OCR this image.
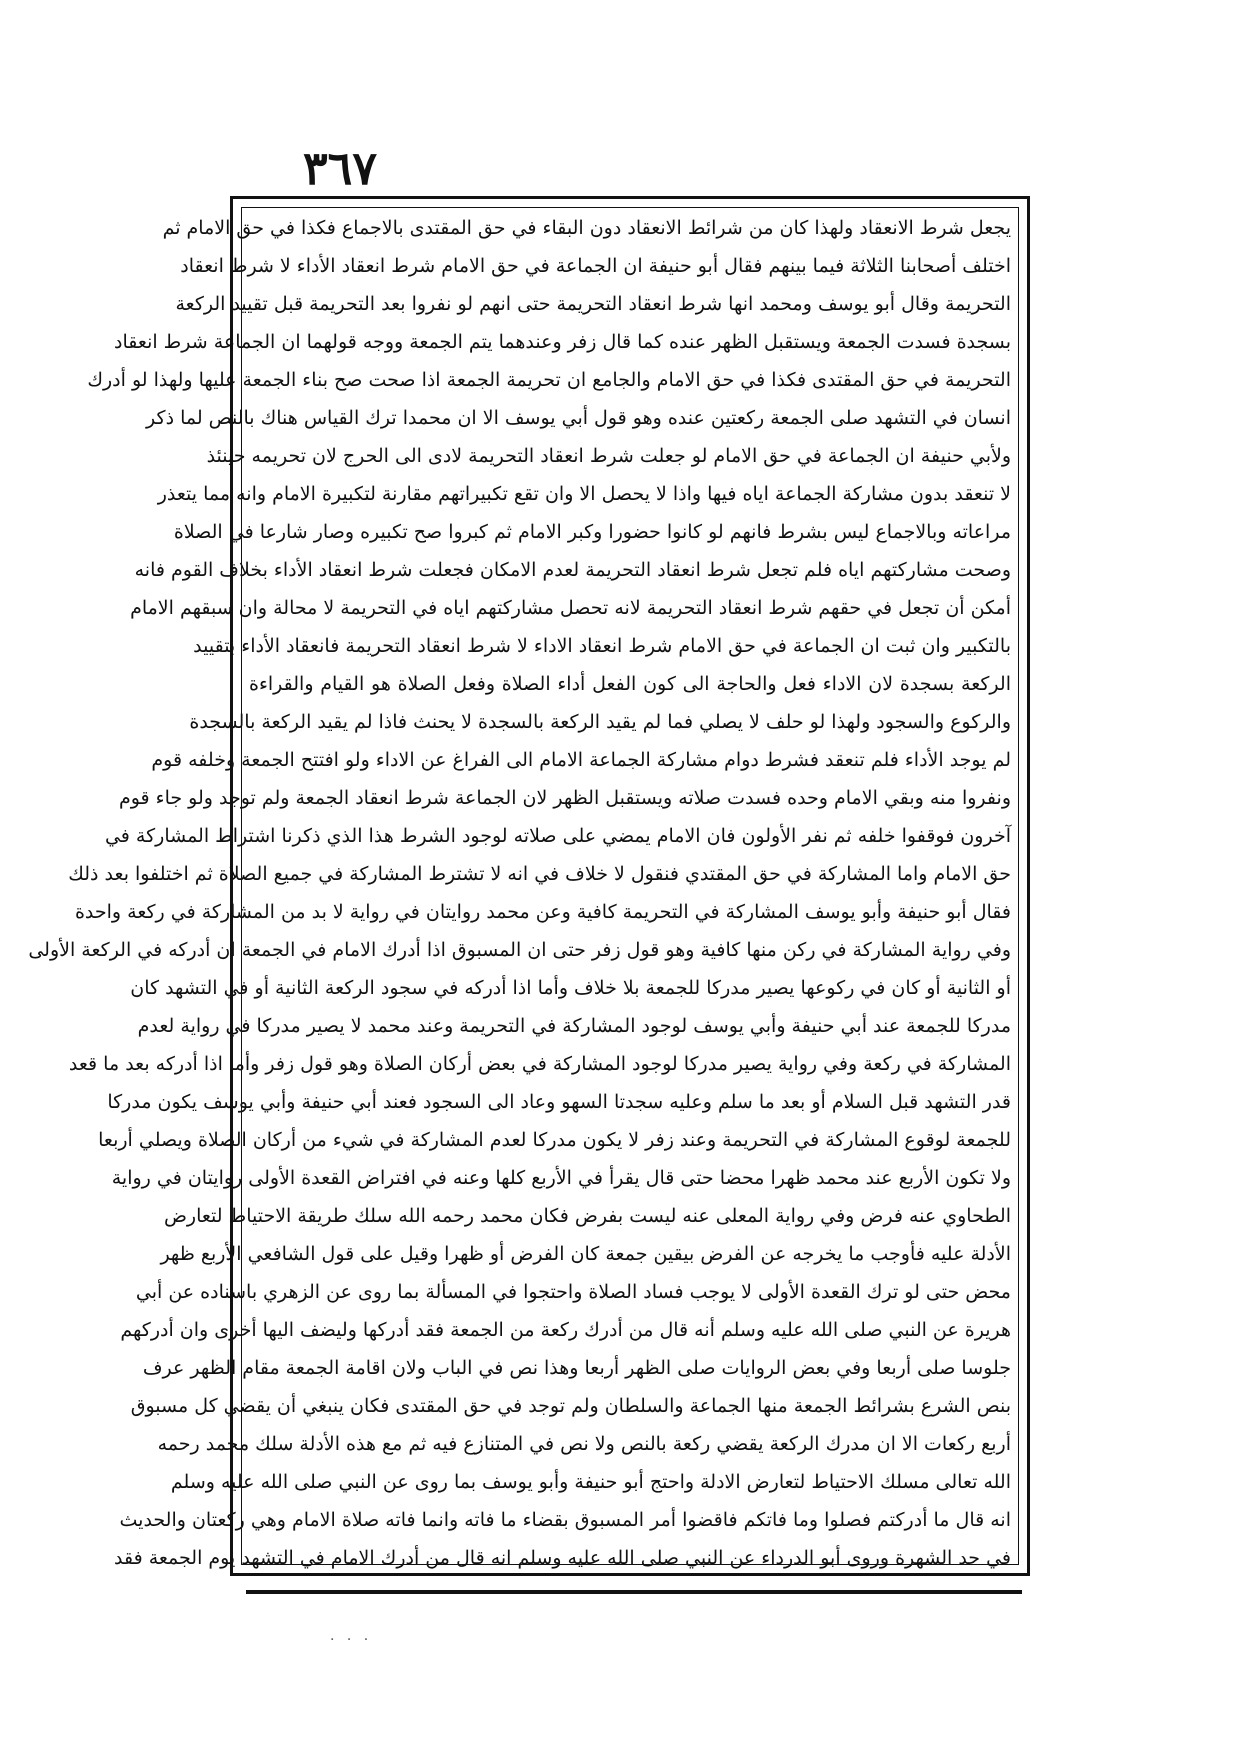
٣٦٧
يجعل شرط الانعقاد ولهذا كان من شرائط الانعقاد دون البقاء في حق المقتدى بالاجماع فكذا في حق الامام ثم
اختلف أصحابنا الثلاثة فيما بينهم فقال أبو حنيفة ان الجماعة في حق الامام شرط انعقاد الأداء لا شرط انعقاد
التحريمة وقال أبو يوسف ومحمد انها شرط انعقاد التحريمة حتى انهم لو نفروا بعد التحريمة قبل تقييد الركعة
بسجدة فسدت الجمعة ويستقبل الظهر عنده كما قال زفر وعندهما يتم الجمعة ووجه قولهما ان الجماعة شرط انعقاد
التحريمة في حق المقتدى فكذا في حق الامام والجامع ان تحريمة الجمعة اذا صحت صح بناء الجمعة عليها ولهذا لو أدرك
انسان في التشهد صلى الجمعة ركعتين عنده وهو قول أبي يوسف الا ان محمدا ترك القياس هناك بالنص لما ذكر
ولأبي حنيفة ان الجماعة في حق الامام لو جعلت شرط انعقاد التحريمة لادى الى الحرج لان تحريمه حينئذ
لا تنعقد بدون مشاركة الجماعة اياه فيها واذا لا يحصل الا وان تقع تكبيراتهم مقارنة لتكبيرة الامام وانه مما يتعذر
مراعاته وبالاجماع ليس بشرط فانهم لو كانوا حضورا وكبر الامام ثم كبروا صح تكبيره وصار شارعا في الصلاة
وصحت مشاركتهم اياه فلم تجعل شرط انعقاد التحريمة لعدم الامكان فجعلت شرط انعقاد الأداء بخلاف القوم فانه
أمكن أن تجعل في حقهم شرط انعقاد التحريمة لانه تحصل مشاركتهم اياه في التحريمة لا محالة وان سبقهم الامام
بالتكبير وان ثبت ان الجماعة في حق الامام شرط انعقاد الاداء لا شرط انعقاد التحريمة فانعقاد الأداء بتقييد
الركعة بسجدة لان الاداء فعل والحاجة الى كون الفعل أداء الصلاة وفعل الصلاة هو القيام والقراءة
والركوع والسجود ولهذا لو حلف لا يصلي فما لم يقيد الركعة بالسجدة لا يحنث فاذا لم يقيد الركعة بالسجدة
لم يوجد الأداء فلم تنعقد فشرط دوام مشاركة الجماعة الامام الى الفراغ عن الاداء ولو افتتح الجمعة وخلفه قوم
ونفروا منه وبقي الامام وحده فسدت صلاته ويستقبل الظهر لان الجماعة شرط انعقاد الجمعة ولم توجد ولو جاء قوم
آخرون فوقفوا خلفه ثم نفر الأولون فان الامام يمضي على صلاته لوجود الشرط هذا الذي ذكرنا اشتراط المشاركة في
حق الامام واما المشاركة في حق المقتدي فنقول لا خلاف في انه لا تشترط المشاركة في جميع الصلاة ثم اختلفوا بعد ذلك
فقال أبو حنيفة وأبو يوسف المشاركة في التحريمة كافية وعن محمد روايتان في رواية لا بد من المشاركة في ركعة واحدة
وفي رواية المشاركة في ركن منها كافية وهو قول زفر حتى ان المسبوق اذا أدرك الامام في الجمعة ان أدركه في الركعة الأولى
أو الثانية أو كان في ركوعها يصير مدركا للجمعة بلا خلاف وأما اذا أدركه في سجود الركعة الثانية أو في التشهد كان
مدركا للجمعة عند أبي حنيفة وأبي يوسف لوجود المشاركة في التحريمة وعند محمد لا يصير مدركا في رواية لعدم
المشاركة في ركعة وفي رواية يصير مدركا لوجود المشاركة في بعض أركان الصلاة وهو قول زفر وأما اذا أدركه بعد ما قعد
قدر التشهد قبل السلام أو بعد ما سلم وعليه سجدتا السهو وعاد الى السجود فعند أبي حنيفة وأبي يوسف يكون مدركا
للجمعة لوقوع المشاركة في التحريمة وعند زفر لا يكون مدركا لعدم المشاركة في شيء من أركان الصلاة ويصلي أربعا
ولا تكون الأربع عند محمد ظهرا محضا حتى قال يقرأ في الأربع كلها وعنه في افتراض القعدة الأولى روايتان في رواية
الطحاوي عنه فرض وفي رواية المعلى عنه ليست بفرض فكان محمد رحمه الله سلك طريقة الاحتياط لتعارض
الأدلة عليه فأوجب ما يخرجه عن الفرض بيقين جمعة كان الفرض أو ظهرا وقيل على قول الشافعي الأربع ظهر
محض حتى لو ترك القعدة الأولى لا يوجب فساد الصلاة واحتجوا في المسألة بما روى عن الزهري باسناده عن أبي
هريرة عن النبي صلى الله عليه وسلم أنه قال من أدرك ركعة من الجمعة فقد أدركها وليضف اليها أخرى وان أدركهم
جلوسا صلى أربعا وفي بعض الروايات صلى الظهر أربعا وهذا نص في الباب ولان اقامة الجمعة مقام الظهر عرف
بنص الشرع بشرائط الجمعة منها الجماعة والسلطان ولم توجد في حق المقتدى فكان ينبغي أن يقضي كل مسبوق
أربع ركعات الا ان مدرك الركعة يقضي ركعة بالنص ولا نص في المتنازع فيه ثم مع هذه الأدلة سلك محمد رحمه
الله تعالى مسلك الاحتياط لتعارض الادلة واحتج أبو حنيفة وأبو يوسف بما روى عن النبي صلى الله عليه وسلم
انه قال ما أدركتم فصلوا وما فاتكم فاقضوا أمر المسبوق بقضاء ما فاته وانما فاته صلاة الامام وهي ركعتان والحديث
في حد الشهرة وروى أبو الدرداء عن النبي صلى الله عليه وسلم انه قال من أدرك الامام في التشهد يوم الجمعة فقد
· · ·
